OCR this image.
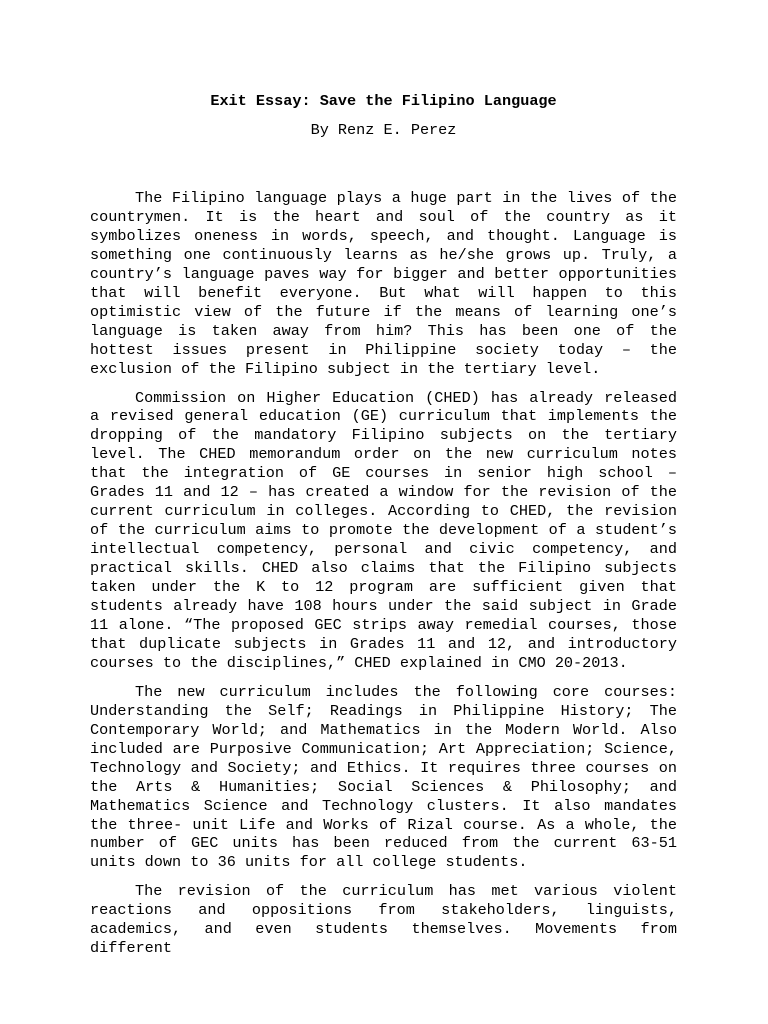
Exit Essay: Save the Filipino Language

By Renz E. Perez

The Filipino language plays a huge part in the lives of the countrymen. It is the heart and soul of the country as it symbolizes oneness in words, speech, and thought. Language is something one continuously learns as he/she grows up. Truly, a country’s language paves way for bigger and better opportunities that will benefit everyone. But what will happen to this optimistic view of the future if the means of learning one’s language is taken away from him? This has been one of the hottest issues present in Philippine society today – the exclusion of the Filipino subject in the tertiary level.

Commission on Higher Education (CHED) has already released a revised general education (GE) curriculum that implements the dropping of the mandatory Filipino subjects on the tertiary level. The CHED memorandum order on the new curriculum notes that the integration of GE courses in senior high school – Grades 11 and 12 – has created a window for the revision of the current curriculum in colleges. According to CHED, the revision of the curriculum aims to promote the development of a student’s intellectual competency, personal and civic competency, and practical skills. CHED also claims that the Filipino subjects taken under the K to 12 program are sufficient given that students already have 108 hours under the said subject in Grade 11 alone. “The proposed GEC strips away remedial courses, those that duplicate subjects in Grades 11 and 12, and introductory courses to the disciplines,” CHED explained in CMO 20-2013.

The new curriculum includes the following core courses: Understanding the Self; Readings in Philippine History; The Contemporary World; and Mathematics in the Modern World. Also included are Purposive Communication; Art Appreciation; Science, Technology and Society; and Ethics. It requires three courses on the Arts & Humanities; Social Sciences & Philosophy; and Mathematics Science and Technology clusters. It also mandates the three- unit Life and Works of Rizal course. As a whole, the number of GEC units has been reduced from the current 63-51 units down to 36 units for all college students.

The revision of the curriculum has met various violent reactions and oppositions from stakeholders, linguists, academics, and even students themselves. Movements from different
